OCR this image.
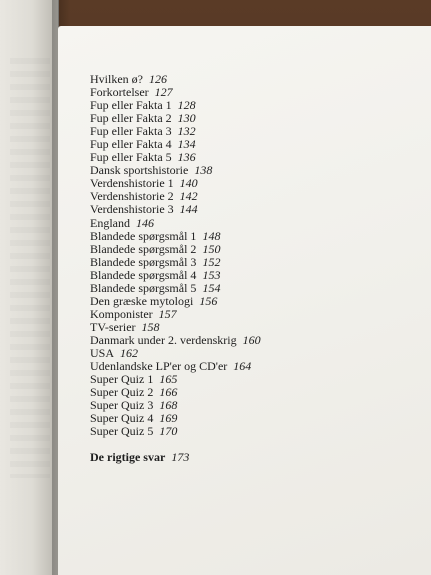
Hvilken ø? 126
Forkortelser 127
Fup eller Fakta 1 128
Fup eller Fakta 2 130
Fup eller Fakta 3 132
Fup eller Fakta 4 134
Fup eller Fakta 5 136
Dansk sportshistorie 138
Verdenshistorie 1 140
Verdenshistorie 2 142
Verdenshistorie 3 144
England 146
Blandede spørgsmål 1 148
Blandede spørgsmål 2 150
Blandede spørgsmål 3 152
Blandede spørgsmål 4 153
Blandede spørgsmål 5 154
Den græske mytologi 156
Komponister 157
TV-serier 158
Danmark under 2. verdenskrig 160
USA 162
Udenlandske LP'er og CD'er 164
Super Quiz 1 165
Super Quiz 2 166
Super Quiz 3 168
Super Quiz 4 169
Super Quiz 5 170
De rigtige svar 173
